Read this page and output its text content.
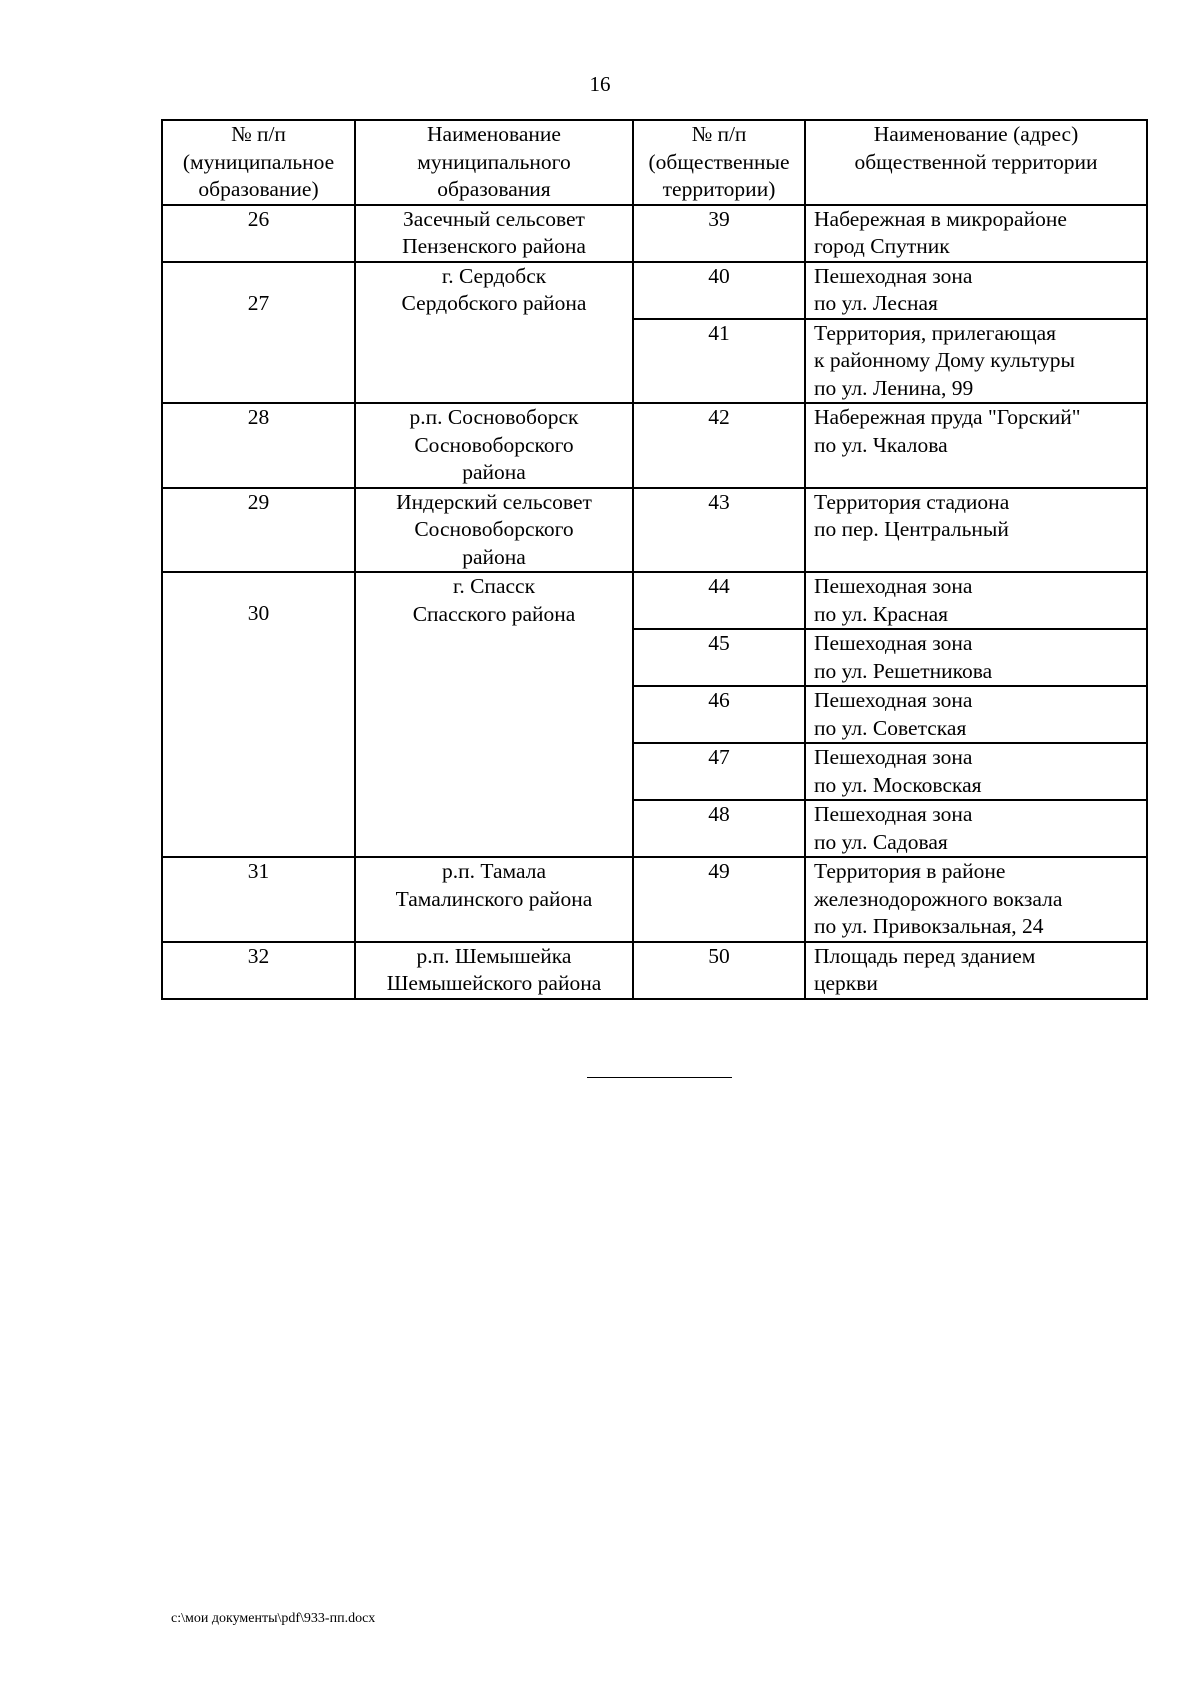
16
№ п/п
(муниципальное
образование)	Наименование
муниципального
образования	№ п/п
(общественные
территории)	Наименование (адрес)
общественной территории
26	Засечный сельсовет
Пензенского района	39	Набережная в микрорайоне
город Спутник
27	г. Сердобск
Сердобского района	40	Пешеходная зона
по ул. Лесная
		41	Территория, прилегающая
к районному Дому культуры
по ул. Ленина, 99
28	р.п. Сосновоборск
Сосновоборского
района	42	Набережная пруда "Горский"
по ул. Чкалова
29	Индерский сельсовет
Сосновоборского
района	43	Территория стадиона
по пер. Центральный
30	г. Спасск
Спасского района	44	Пешеходная зона
по ул. Красная
		45	Пешеходная зона
по ул. Решетникова
		46	Пешеходная зона
по ул. Советская
		47	Пешеходная зона
по ул. Московская
		48	Пешеходная зона
по ул. Садовая
31	р.п. Тамала
Тамалинского района	49	Территория в районе
железнодорожного вокзала
по ул. Привокзальная, 24
32	р.п. Шемышейка
Шемышейского района	50	Площадь перед зданием
церкви
c:\мои документы\pdf\933-пп.docx
